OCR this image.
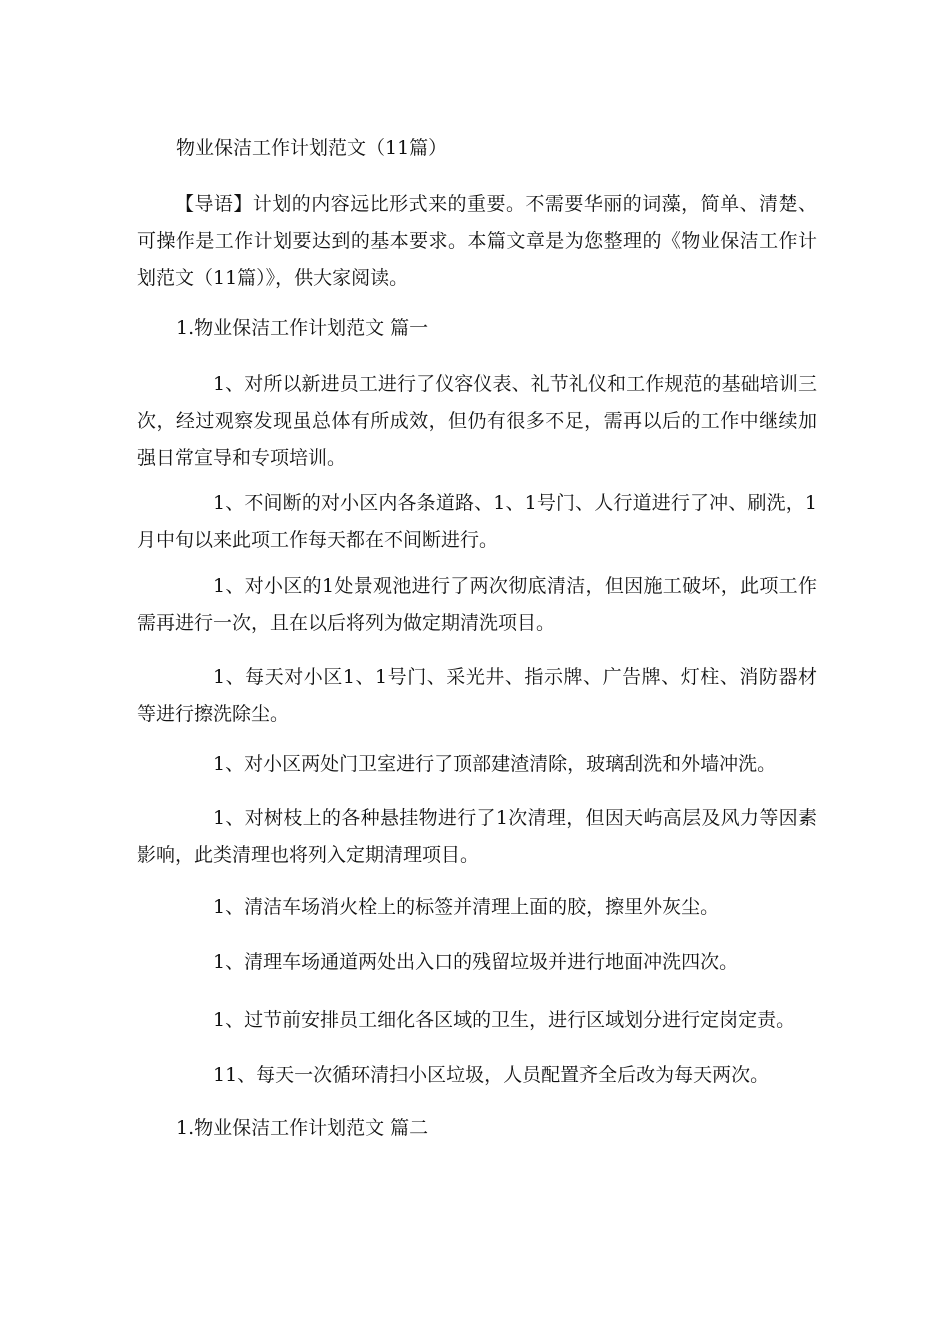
物业保洁工作计划范文（11篇）

【导语】计划的内容远比形式来的重要。不需要华丽的词藻，简单、清楚、可操作是工作计划要达到的基本要求。本篇文章是为您整理的《物业保洁工作计划范文（11篇）》，供大家阅读。

1.物业保洁工作计划范文 篇一

1、对所以新进员工进行了仪容仪表、礼节礼仪和工作规范的基础培训三次，经过观察发现虽总体有所成效，但仍有很多不足，需再以后的工作中继续加强日常宣导和专项培训。

1、不间断的对小区内各条道路、1、1号门、人行道进行了冲、刷洗，1月中旬以来此项工作每天都在不间断进行。

1、对小区的1处景观池进行了两次彻底清洁，但因施工破坏，此项工作需再进行一次，且在以后将列为做定期清洗项目。

1、每天对小区1、1号门、采光井、指示牌、广告牌、灯柱、消防器材等进行擦洗除尘。

1、对小区两处门卫室进行了顶部建渣清除，玻璃刮洗和外墙冲洗。

1、对树枝上的各种悬挂物进行了1次清理，但因天屿高层及风力等因素影响，此类清理也将列入定期清理项目。

1、清洁车场消火栓上的标签并清理上面的胶，擦里外灰尘。

1、清理车场通道两处出入口的残留垃圾并进行地面冲洗四次。

1、过节前安排员工细化各区域的卫生，进行区域划分进行定岗定责。

11、每天一次循环清扫小区垃圾，人员配置齐全后改为每天两次。

1.物业保洁工作计划范文 篇二
